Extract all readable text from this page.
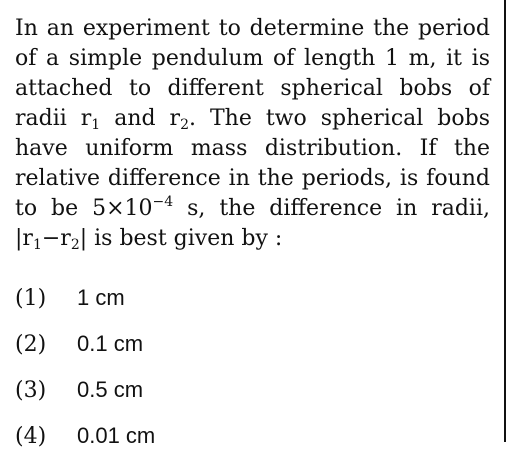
In an experiment to determine the period of a simple pendulum of length 1 m, it is attached to different spherical bobs of radii $r_1$ and $r_2$. The two spherical bobs have uniform mass distribution. If the relative difference in the periods, is found to be $5\times 10^{-4}$ s, the difference in radii, $|r_1-r_2|$ is best given by :
(1)	1 cm
(2)	0.1 cm
(3)	0.5 cm
(4)	0.01 cm
